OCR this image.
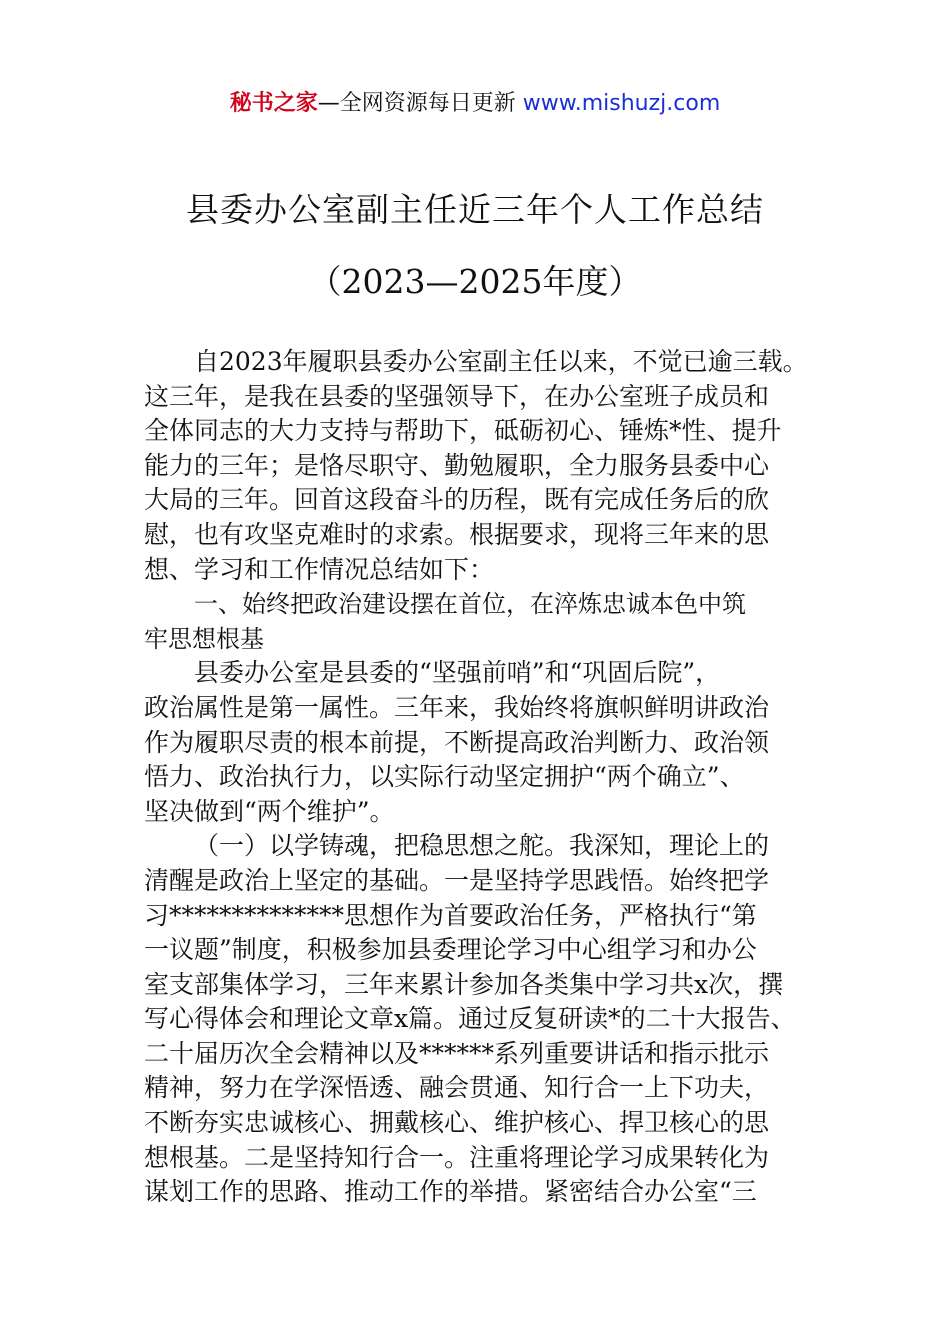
秘书之家—全网资源每日更新 www.mishuzj.com
县委办公室副主任近三年个人工作总结
（2023—2025年度）
自2023年履职县委办公室副主任以来，不觉已逾三载。
这三年，是我在县委的坚强领导下，在办公室班子成员和
全体同志的大力支持与帮助下，砥砺初心、锤炼*性、提升
能力的三年；是恪尽职守、勤勉履职，全力服务县委中心
大局的三年。回首这段奋斗的历程，既有完成任务后的欣
慰，也有攻坚克难时的求索。根据要求，现将三年来的思
想、学习和工作情况总结如下：
一、始终把政治建设摆在首位，在淬炼忠诚本色中筑
牢思想根基
县委办公室是县委的“坚强前哨”和“巩固后院”，
政治属性是第一属性。三年来，我始终将旗帜鲜明讲政治
作为履职尽责的根本前提，不断提高政治判断力、政治领
悟力、政治执行力，以实际行动坚定拥护“两个确立”、
坚决做到“两个维护”。
（一）以学铸魂，把稳思想之舵。我深知，理论上的
清醒是政治上坚定的基础。一是坚持学思践悟。始终把学
习**************思想作为首要政治任务，严格执行“第
一议题”制度，积极参加县委理论学习中心组学习和办公
室支部集体学习，三年来累计参加各类集中学习共x次，撰
写心得体会和理论文章x篇。通过反复研读*的二十大报告、
二十届历次全会精神以及******系列重要讲话和指示批示
精神，努力在学深悟透、融会贯通、知行合一上下功夫，
不断夯实忠诚核心、拥戴核心、维护核心、捍卫核心的思
想根基。二是坚持知行合一。注重将理论学习成果转化为
谋划工作的思路、推动工作的举措。紧密结合办公室“三
